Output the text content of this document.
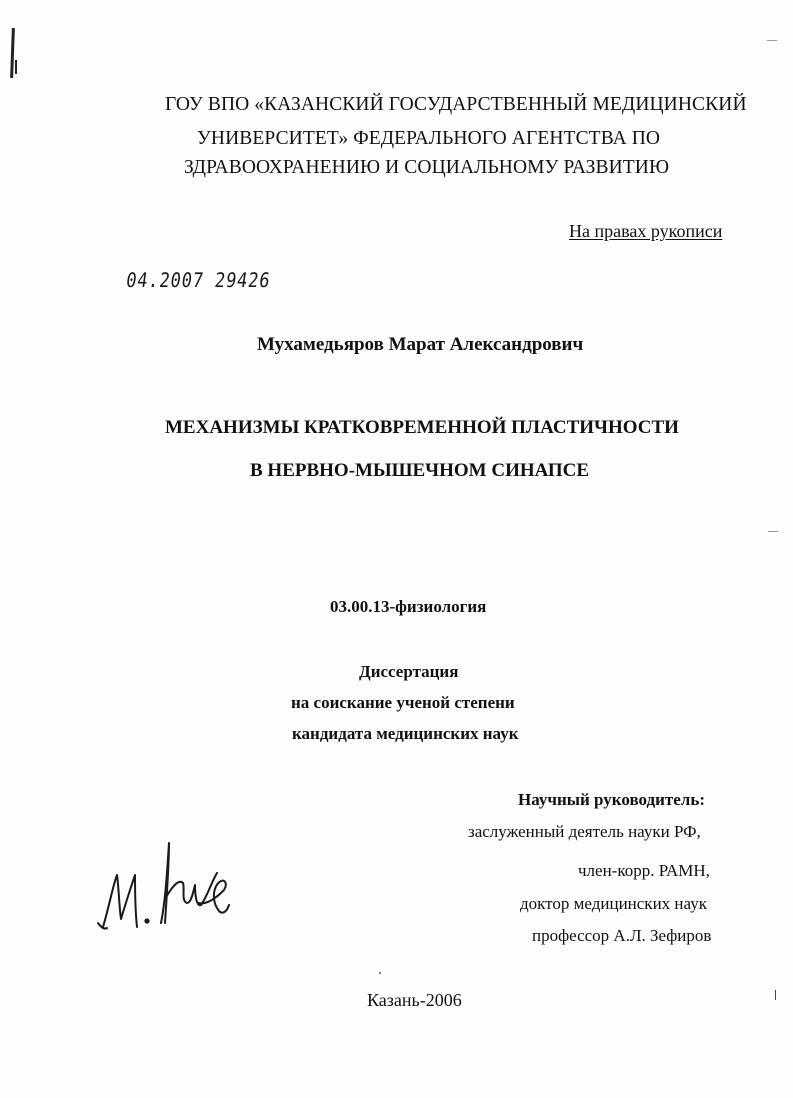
ГОУ ВПО «КАЗАНСКИЙ ГОСУДАРСТВЕННЫЙ МЕДИЦИНСКИЙ
УНИВЕРСИТЕТ» ФЕДЕРАЛЬНОГО АГЕНТСТВА ПО
ЗДРАВООХРАНЕНИЮ И СОЦИАЛЬНОМУ РАЗВИТИЮ
На правах рукописи
04.2007 29426
Мухамедьяров Марат Александрович
МЕХАНИЗМЫ КРАТКОВРЕМЕННОЙ ПЛАСТИЧНОСТИ
В НЕРВНО-МЫШЕЧНОМ СИНАПСЕ
03.00.13-физиология
Диссертация
на соискание ученой степени
кандидата медицинских наук
Научный руководитель:
заслуженный деятель науки РФ,
член-корр. РАМН,
доктор медицинских наук
профессор А.Л. Зефиров
Казань-2006
